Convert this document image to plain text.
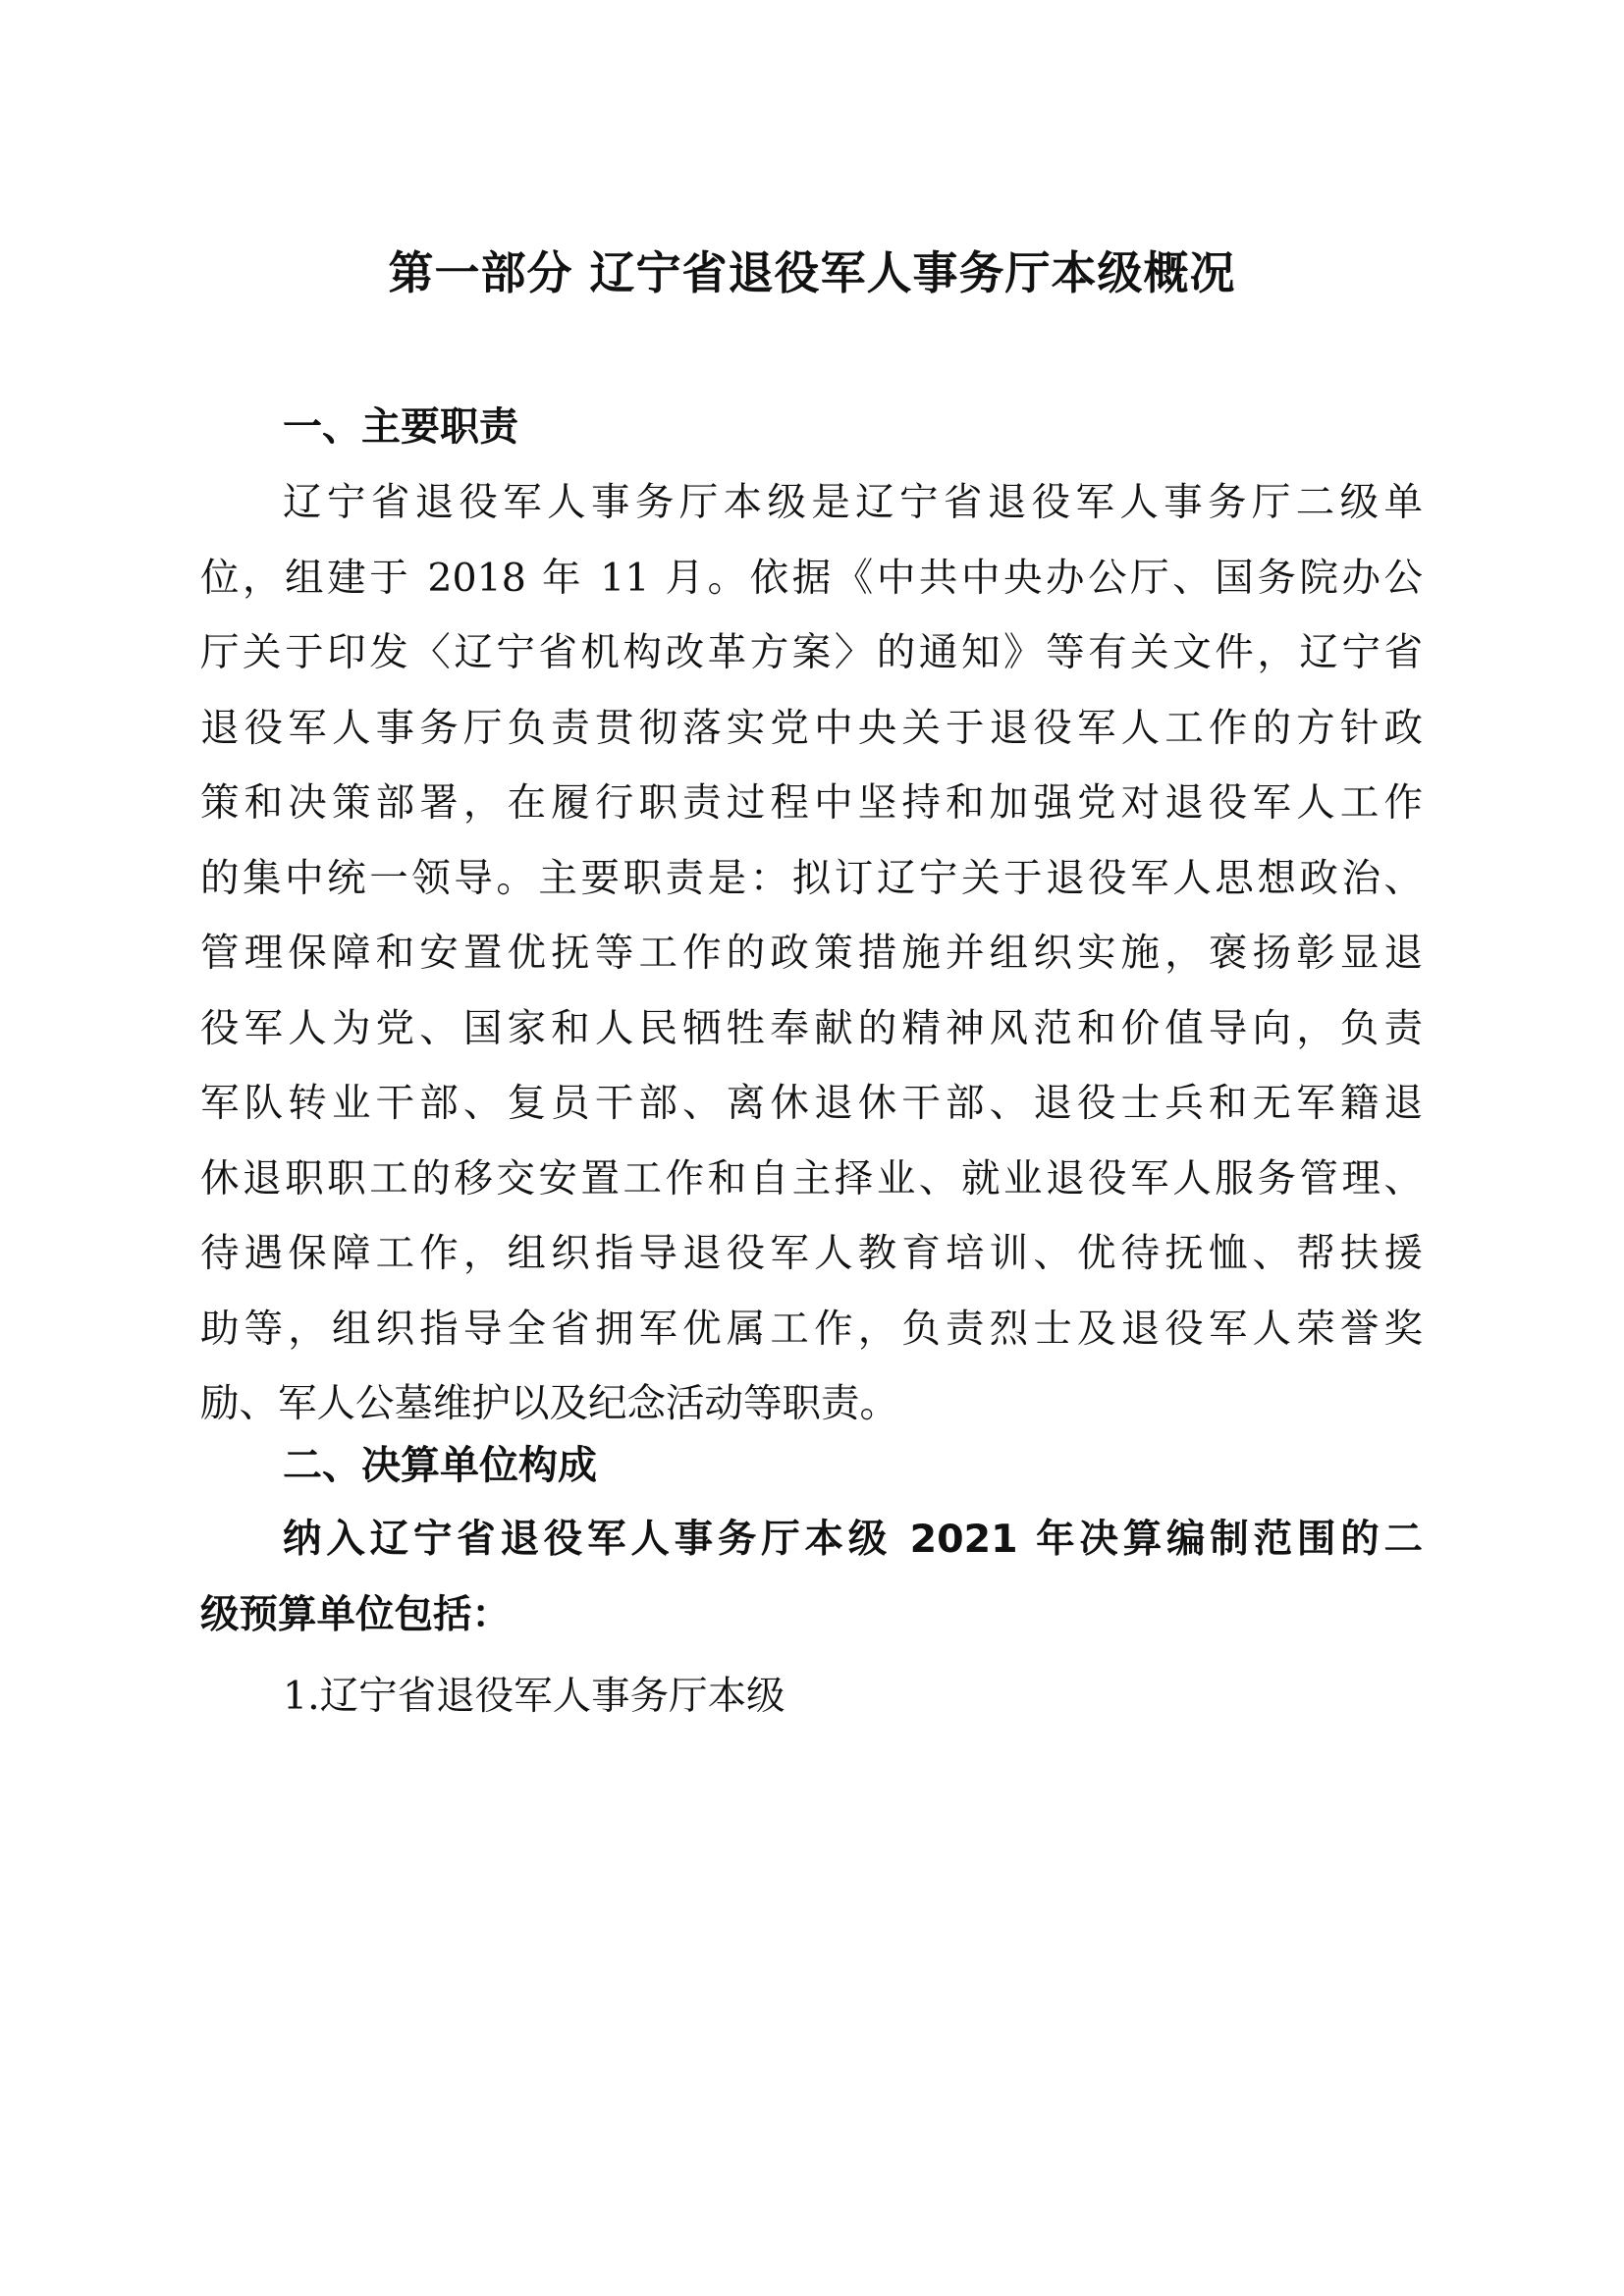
第一部分 辽宁省退役军人事务厅本级概况
一、主要职责
辽宁省退役军人事务厅本级是辽宁省退役军人事务厅二级单
位，组建于 2018 年 11 月。依据《中共中央办公厅、国务院办公
厅关于印发〈辽宁省机构改革方案〉的通知》等有关文件，辽宁省
退役军人事务厅负责贯彻落实党中央关于退役军人工作的方针政
策和决策部署，在履行职责过程中坚持和加强党对退役军人工作
的集中统一领导。主要职责是：拟订辽宁关于退役军人思想政治、
管理保障和安置优抚等工作的政策措施并组织实施，褒扬彰显退
役军人为党、国家和人民牺牲奉献的精神风范和价值导向，负责
军队转业干部、复员干部、离休退休干部、退役士兵和无军籍退
休退职职工的移交安置工作和自主择业、就业退役军人服务管理、
待遇保障工作，组织指导退役军人教育培训、优待抚恤、帮扶援
助等，组织指导全省拥军优属工作，负责烈士及退役军人荣誉奖
励、军人公墓维护以及纪念活动等职责。
二、决算单位构成
纳入辽宁省退役军人事务厅本级 2021 年决算编制范围的二
级预算单位包括：
1.辽宁省退役军人事务厅本级
